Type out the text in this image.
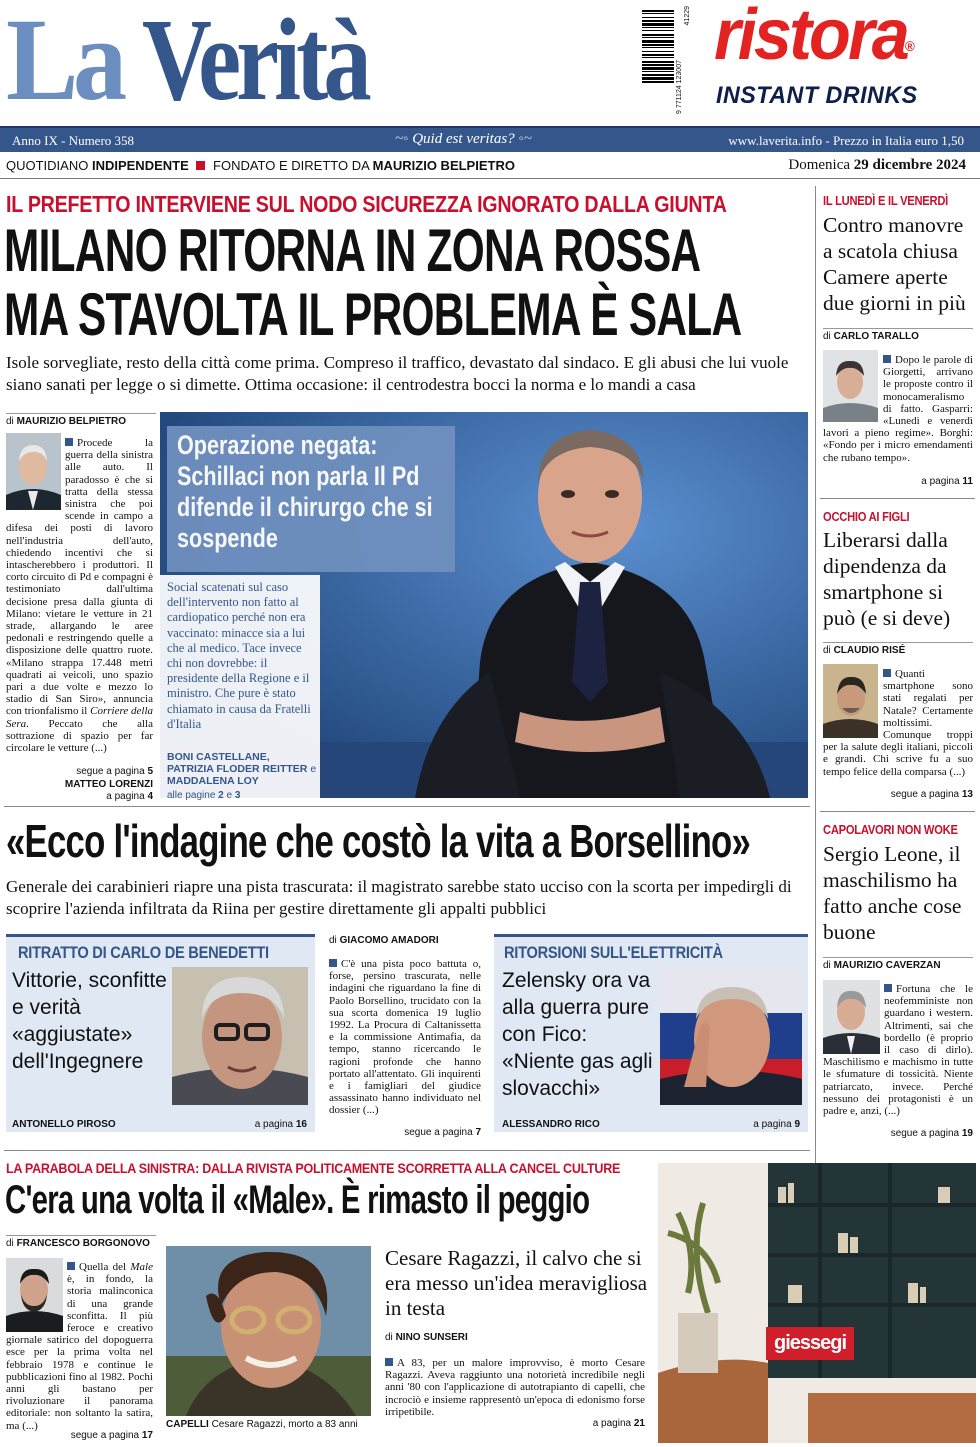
La Verità	9 771124 123007
41229 ristora®
INSTANT DRINKS
Anno IX - Numero 358	~◦ Quid est veritas? ◦~	www.laverita.info - Prezzo in Italia euro 1,50
QUOTIDIANO INDIPENDENTE FONDATO E DIRETTO DA MAURIZIO BELPIETRO	Domenica 29 dicembre 2024
IL PREFETTO INTERVIENE SUL NODO SICUREZZA IGNORATO DALLA GIUNTA
MILANO RITORNA IN ZONA ROSSA
MA STAVOLTA IL PROBLEMA È SALA
Isole sorvegliate, resto della città come prima. Compreso il traffico, devastato dal sindaco. E gli abusi che lui vuole siano sanati per legge o si dimette. Ottima occasione: il centrodestra bocci la norma e lo mandi a casa
di MAURIZIO BELPIETRO
Procede la guerra della sinistra alle auto. Il paradosso è che si tratta della stessa sinistra che poi scende in campo a difesa dei posti di lavoro nell'industria dell'auto, chiedendo incentivi che si intascherebbero i produttori. Il corto circuito di Pd e compagni è testimoniato dall'ultima decisione presa dalla giunta di Milano: vietare le vetture in 21 strade, allargando le aree pedonali e restringendo quelle a disposizione delle quattro ruote. «Milano strappa 17.448 metri quadrati ai veicoli, uno spazio pari a due volte e mezzo lo stadio di San Siro», annuncia con trionfalismo il Corriere della Sera. Peccato che alla sottrazione di spazio per far circolare le vetture (...)
segue a pagina 5
MATTEO LORENZI
a pagina 4
Operazione negata: Schillaci non parla Il Pd difende il chirurgo che si sospende
Social scatenati sul caso dell'intervento non fatto al cardiopatico perché non era vaccinato: minacce sia a lui che al medico. Tace invece chi non dovrebbe: il presidente della Regione e il ministro. Che pure è stato chiamato in causa da Fratelli d'Italia
BONI CASTELLANE, PATRIZIA FLODER REITTER e MADDALENA LOY
alle pagine 2 e 3
IL LUNEDÌ E IL VENERDÌ
Contro manovre a scatola chiusa Camere aperte due giorni in più
di CARLO TARALLO
Dopo le parole di Giorgetti, arrivano le proposte contro il monocameralismo di fatto. Gasparri: «Lunedì e venerdì lavori a pieno regime». Borghi: «Fondo per i micro emendamenti che rubano tempo».
a pagina 11
OCCHIO AI FIGLI
Liberarsi dalla dipendenza da smartphone si può (e si deve)
di CLAUDIO RISÉ
Quanti smartphone sono stati regalati per Natale? Certamente moltissimi. Comunque troppi per la salute degli italiani, piccoli e grandi. Chi scrive fu a suo tempo felice della comparsa (...)
segue a pagina 13
CAPOLAVORI NON WOKE
Sergio Leone, il maschilismo ha fatto anche cose buone
di MAURIZIO CAVERZAN
Fortuna che le neofemministe non guardano i western. Altrimenti, sai che bordello (è proprio il caso di dirlo). Maschilismo e machismo in tutte le sfumature di tossicità. Niente patriarcato, invece. Perché nessuno dei protagonisti è un padre e, anzi, (...)
segue a pagina 19
«Ecco l'indagine che costò la vita a Borsellino»
Generale dei carabinieri riapre una pista trascurata: il magistrato sarebbe stato ucciso con la scorta per impedirgli di scoprire l'azienda infiltrata da Riina per gestire direttamente gli appalti pubblici
RITRATTO DI CARLO DE BENEDETTI
Vittorie, sconfitte e verità «aggiustate» dell'Ingegnere
ANTONELLO PIROSO	a pagina 16
di GIACOMO AMADORI
C'è una pista poco battuta o, forse, persino trascurata, nelle indagini che riguardano la fine di Paolo Borsellino, trucidato con la sua scorta domenica 19 luglio 1992. La Procura di Caltanissetta e la commissione Antimafia, da tempo, stanno ricercando le ragioni profonde che hanno portato all'attentato. Gli inquirenti e i famigliari del giudice assassinato hanno individuato nel dossier (...)
segue a pagina 7
RITORSIONI SULL'ELETTRICITÀ
Zelensky ora va alla guerra pure con Fico: «Niente gas agli slovacchi»
ALESSANDRO RICO	a pagina 9
LA PARABOLA DELLA SINISTRA: DALLA RIVISTA POLITICAMENTE SCORRETTA ALLA CANCEL CULTURE
C'era una volta il «Male». È rimasto il peggio
di FRANCESCO BORGONOVO
Quella del Male è, in fondo, la storia malinconica di una grande sconfitta. Il più feroce e creativo giornale satirico del dopoguerra esce per la prima volta nel febbraio 1978 e continue le pubblicazioni fino al 1982. Pochi anni gli bastano per rivoluzionare il panorama editoriale: non soltanto la satira, ma (...)
segue a pagina 17
CAPELLI Cesare Ragazzi, morto a 83 anni
Cesare Ragazzi, il calvo che si era messo un'idea meravigliosa in testa
di NINO SUNSERI
A 83, per un malore improvviso, è morto Cesare Ragazzi. Aveva raggiunto una notorietà incredibile negli anni '80 con l'applicazione di autotrapianto di capelli, che incrociò e insieme rappresentò un'epoca di edonismo forse irripetibile.
a pagina 21
giessegi
